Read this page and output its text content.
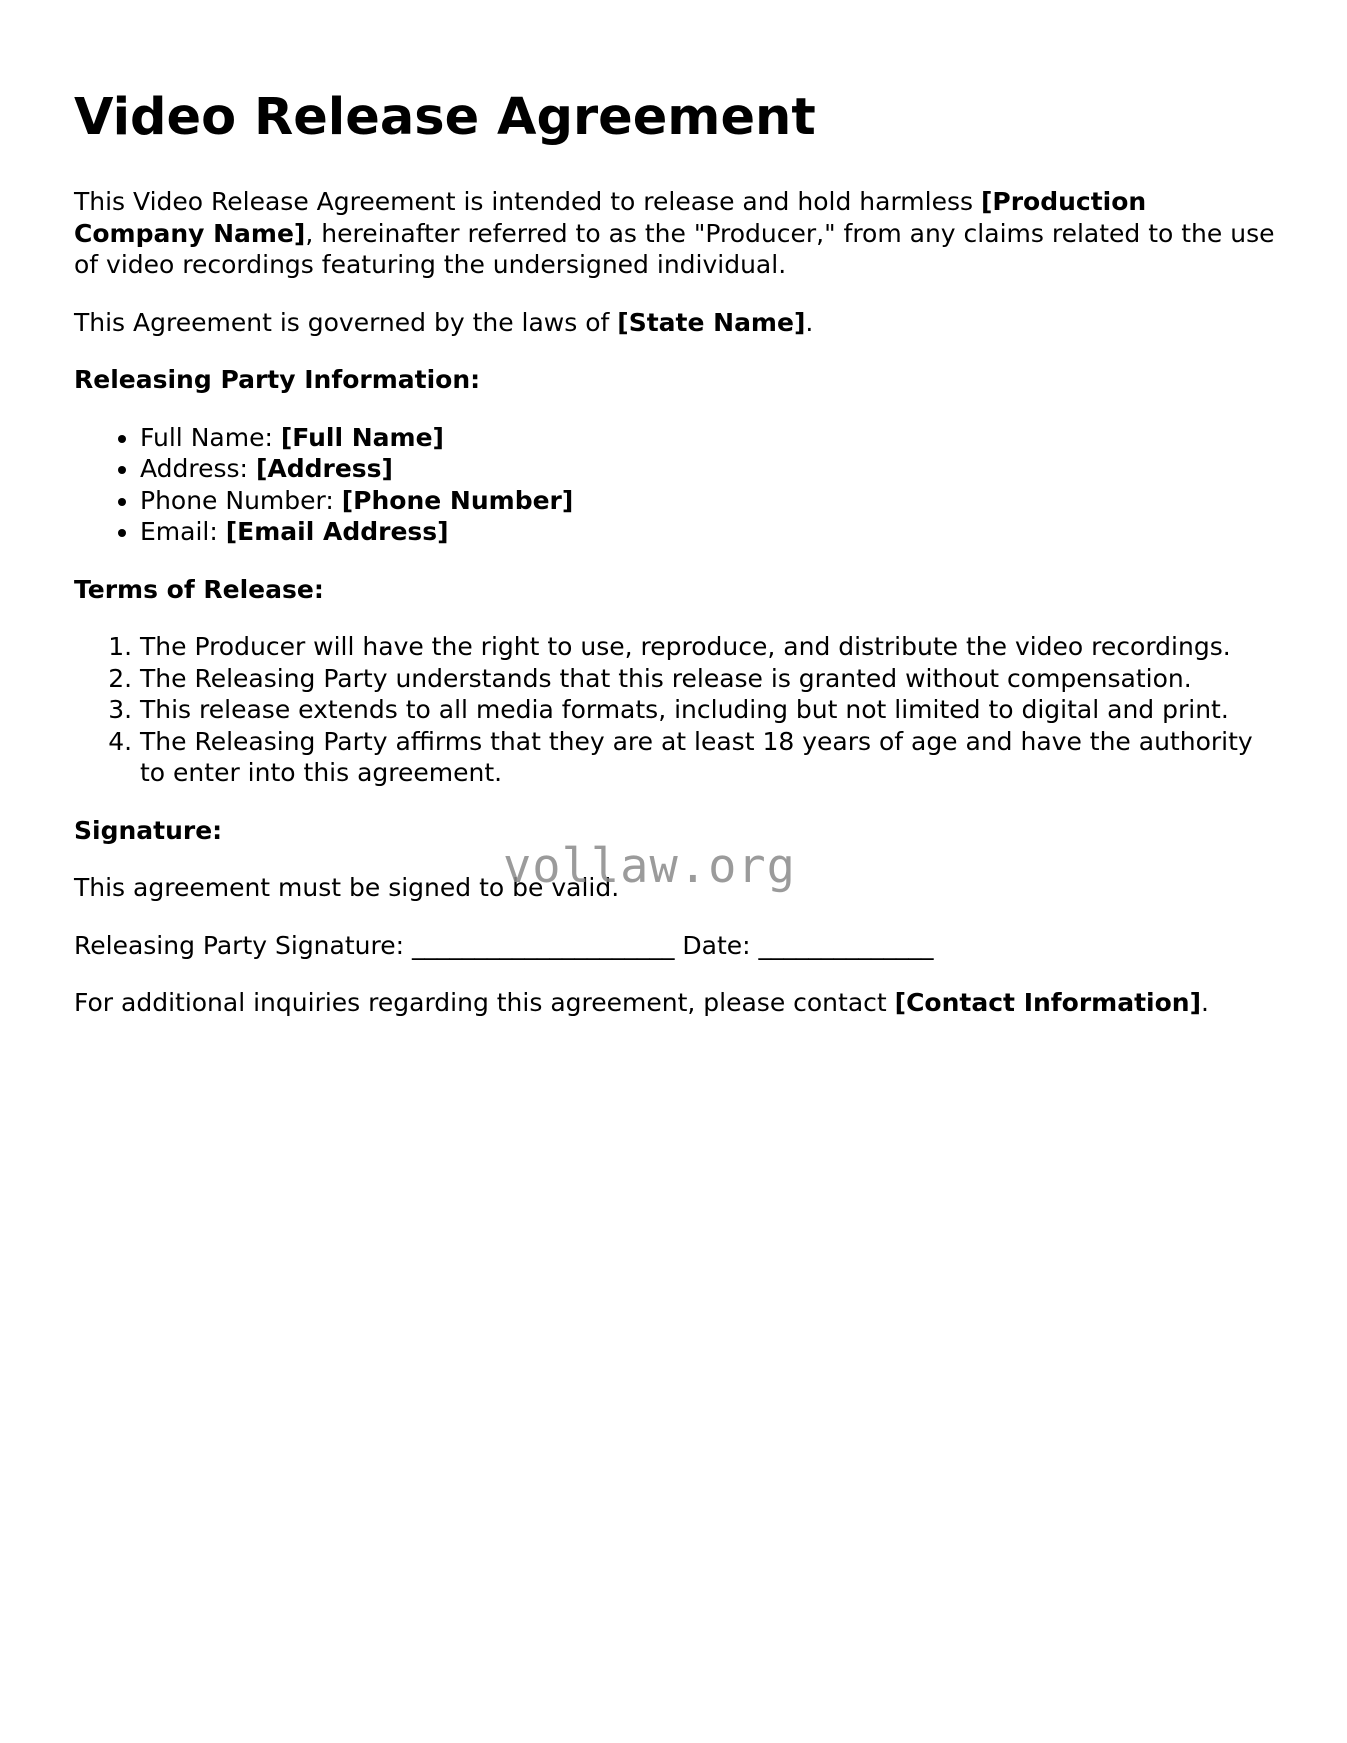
Video Release Agreement

This Video Release Agreement is intended to release and hold harmless [Production Company Name], hereinafter referred to as the "Producer," from any claims related to the use of video recordings featuring the undersigned individual.

This Agreement is governed by the laws of [State Name].

Releasing Party Information:
• Full Name: [Full Name]
• Address: [Address]
• Phone Number: [Phone Number]
• Email: [Email Address]
Terms of Release:
1. The Producer will have the right to use, reproduce, and distribute the video recordings.
2. The Releasing Party understands that this release is granted without compensation.
3. This release extends to all media formats, including but not limited to digital and print.
4. The Releasing Party affirms that they are at least 18 years of age and have the authority to enter into this agreement.
Signature:

This agreement must be signed to be valid.

Releasing Party Signature: _____________________ Date: ______________

For additional inquiries regarding this agreement, please contact [Contact Information].

vollaw.org
